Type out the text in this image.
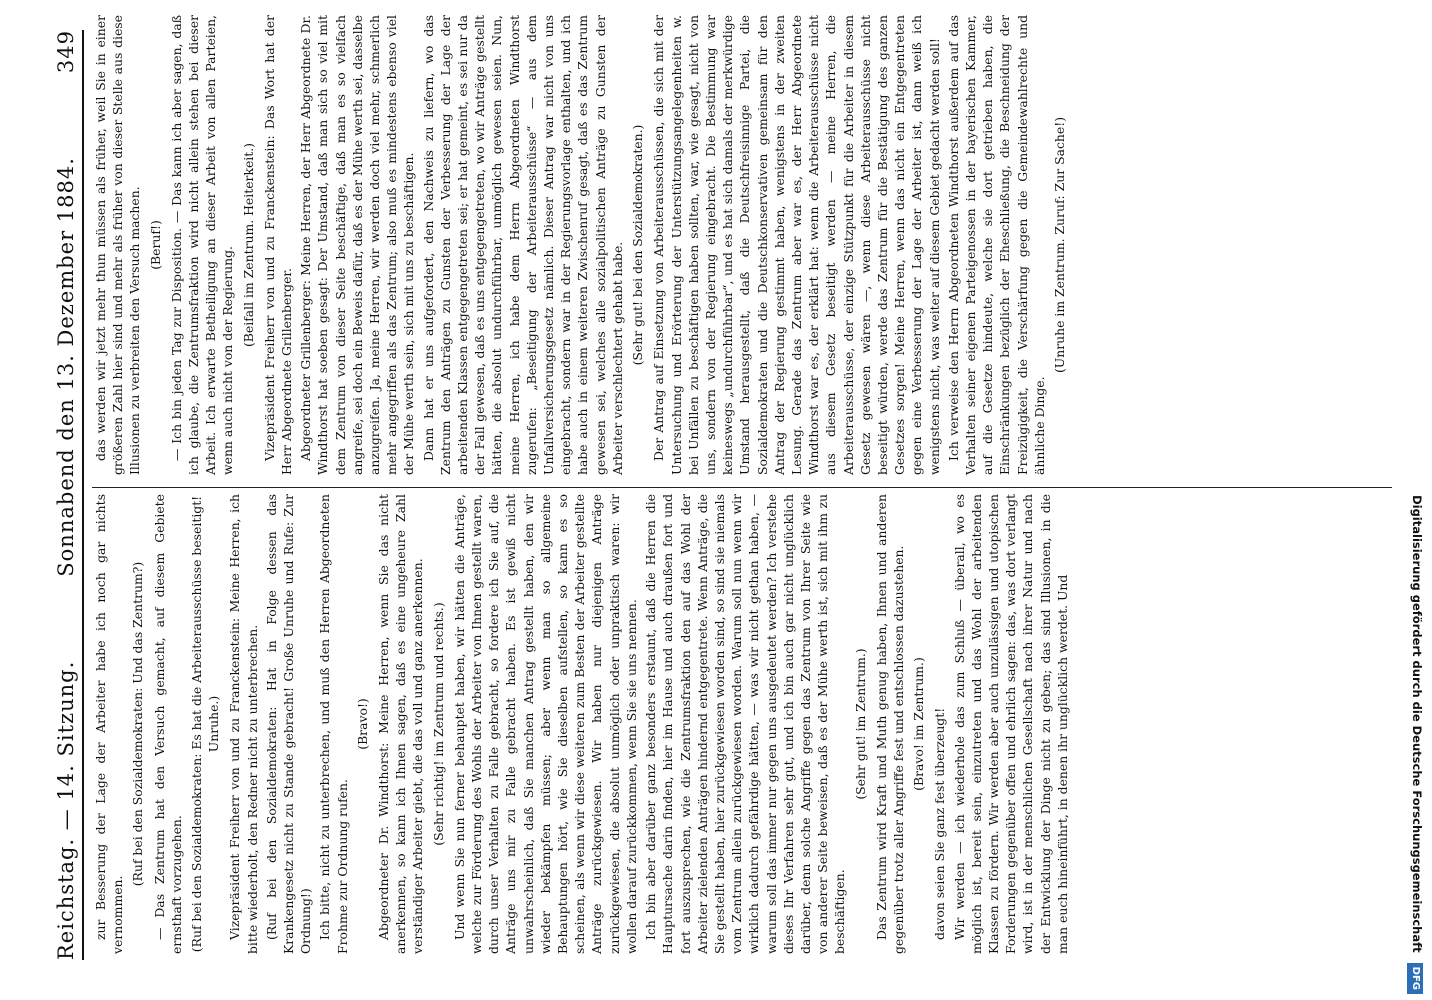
Reichstag. — 14. Sitzung.
Sonnabend den 13. Dezember 1884.
349

zur Besserung der Lage der Arbeiter habe ich noch gar nichts vernommen.

(Ruf bei den Sozialdemokraten: Und das Zentrum?) — Das Zentrum hat den Versuch gemacht, auf diesem Gebiete ernsthaft vorzugehen. (Ruf bei den Sozialdemokraten: Es hat die Arbeiterausschüsse beseitigt! Unruhe.) Vizepräsident Freiherr von und zu Franckenstein: Meine Herren, ich bitte wiederholt, den Redner nicht zu unterbrechen. (Ruf bei den Sozialdemokraten: Hat in Folge dessen das Krankengesetz nicht zu Stande gebracht! Große Unruhe und Rufe: Zur Ordnung!) Ich bitte, nicht zu unterbrechen, und muß den Herren Abgeordneten Frohme zur Ordnung rufen.

(Bravo!) Abgeordneter Dr. Windthorst: Meine Herren, wenn Sie das nicht anerkennen, so kann ich Ihnen sagen, daß es eine ungeheure Zahl verständiger Arbeiter giebt, die das voll und ganz anerkennen. (Sehr richtig! im Zentrum und rechts.) Und wenn Sie nun ferner behauptet haben, wir hätten die Anträge, welche zur Förderung des Wohls der Arbeiter von Ihnen gestellt waren, durch unser Verhalten zu Falle gebracht, so fordere ich Sie auf, die Anträge uns mir zu Falle gebracht haben. Es ist gewiß nicht unwahrscheinlich, daß Sie manchen Antrag gestellt haben, den wir wieder bekämpfen müssen; aber wenn man so allgemeine Behauptungen hört, wie Sie dieselben aufstellen, so kann es so scheinen, als wenn wir diese weiteren zum Besten der Arbeiter gestellte Anträge zurückgewiesen. Wir haben nur diejenigen Anträge zurückgewiesen, die absolut unmöglich oder unpraktisch waren: wir wollen darauf zurückkommen, wenn Sie sie uns nennen. Ich bin aber darüber ganz besonders erstaunt, daß die Herren die Hauptursache darin finden, hier im Hause und auch draußen fort und fort auszusprechen, wie die Zentrumsfraktion den auf das Wohl der Arbeiter zielenden Anträgen hindernd entgegentrete. Wenn Anträge, die Sie gestellt haben, hier zurückgewiesen worden sind, so sind sie niemals vom Zentrum allein zurückgewiesen worden. Warum soll nun wenn wir wirklich dadurch gefährdige hätten, — was wir nicht gethan haben, — warum soll das immer nur gegen uns ausgedeutet werden? Ich verstehe dieses Ihr Verfahren sehr gut, und ich bin auch gar nicht unglücklich darüber, denn solche Angriffe gegen das Zentrum von Ihrer Seite wie von anderer Seite beweisen, daß es der Mühe werth ist, sich mit ihm zu beschäftigen.

(Sehr gut! im Zentrum.) Das Zentrum wird Kraft und Muth genug haben, Ihnen und anderen gegenüber trotz aller Angriffe fest und entschlossen dazustehen. (Bravo! im Zentrum.) davon seien Sie ganz fest überzeugt! Wir werden — ich wiederhole das zum Schluß — überall, wo es möglich ist, bereit sein, einzutreten und das Wohl der arbeitenden Klassen zu fördern. Wir werden aber auch unzulässigen und utopischen Forderungen gegenüber offen und ehrlich sagen: das, was dort verlangt wird, ist in der menschlichen Gesellschaft nach ihrer Natur und nach der Entwicklung der Dinge nicht zu geben; das sind Illusionen, in die man euch hineinführt, in denen ihr unglücklich werdet. Und

das werden wir jetzt mehr thun müssen als früher, weil Sie in einer größeren Zahl hier sind und mehr als früher von dieser Stelle aus diese Illusionen zu verbreiten den Versuch machen. (Beruf!) — Ich bin jeden Tag zur Disposition. — Das kann ich aber sagen, daß ich glaube, die Zentrumsfraktion wird nicht allein stehen bei dieser Arbeit. Ich erwarte Betheiligung an dieser Arbeit von allen Parteien, wenn auch nicht von der Regierung.

(Beifall im Zentrum. Heiterkeit.) Vizepräsident Freiherr von und zu Franckenstein: Das Wort hat der Herr Abgeordnete Grillenberger. Abgeordneter Grillenberger: Meine Herren, der Herr Abgeordnete Dr. Windthorst hat soeben gesagt: Der Umstand, daß man sich so viel mit dem Zentrum von dieser Seite beschäftige, daß man es so vielfach angreife, sei doch ein Beweis dafür, daß es der Mühe werth sei, dasselbe anzugreifen. Ja, meine Herren, wir werden doch viel mehr, schmerlich mehr angegriffen als das Zentrum; also muß es mindestens ebenso viel der Mühe werth sein, sich mit uns zu beschäftigen. Dann hat er uns aufgefordert, den Nachweis zu liefern, wo das Zentrum den Anträgen zu Gunsten der Verbesserung der Lage der arbeitenden Klassen entgegengetreten sei; er hat gemeint, es sei nur da der Fall gewesen, daß es uns entgegengetreten, wo wir Anträge gestellt hätten, die absolut undurchführbar, unmöglich gewesen seien. Nun, meine Herren, ich habe dem Herrn Abgeordneten Windthorst zugerufen: „Beseitigung der Arbeiterausschüsse“ — aus dem Unfallversicherungsgesetz nämlich. Dieser Antrag war nicht von uns eingebracht, sondern war in der Regierungsvorlage enthalten, und ich habe auch in einem weiteren Zwischenruf gesagt, daß es das Zentrum gewesen sei, welches alle sozialpolitischen Anträge zu Gunsten der Arbeiter verschlechtert gehabt habe. (Sehr gut! bei den Sozialdemokraten.) Der Antrag auf Einsetzung von Arbeiterausschüssen, die sich mit der Untersuchung und Erörterung der Unterstützungsangelegenheiten w. bei Unfällen zu beschäftigen haben sollten, war, wie gesagt, nicht von uns, sondern von der Regierung eingebracht. Die Bestimmung war keineswegs „undurchführbar“, und es hat sich damals der merkwürdige Umstand herausgestellt, daß die Deutschfreisinnige Partei, die Sozialdemokraten und die Deutschkonservativen gemeinsam für den Antrag der Regierung gestimmt haben, wenigstens in der zweiten Lesung. Gerade das Zentrum aber war es, der Herr Abgeordnete Windthorst war es, der erklärt hat: wenn die Arbeiterausschüsse nicht aus diesem Gesetz beseitigt werden — meine Herren, die Arbeiterausschüsse, der einzige Stützpunkt für die Arbeiter in diesem Gesetz gewesen wären —, wenn diese Arbeiterausschüsse nicht beseitigt würden, werde das Zentrum für die Bestätigung des ganzen Gesetzes sorgen! Meine Herren, wenn das nicht ein Entgegentreten gegen eine Verbesserung der Lage der Arbeiter ist, dann weiß ich wenigstens nicht, was weiter auf diesem Gebiet gedacht werden soll! Ich verweise den Herrn Abgeordneten Windthorst außerdem auf das Verhalten seiner eigenen Parteigenossen in der bayerischen Kammer, auf die Gesetze hindeute, welche sie dort getrieben haben, die Einschränkungen bezüglich der Eheschließung, die Beschneidung der Freizügigkeit, die Verschärfung gegen die Gemeindewahlrechte und ähnliche Dinge.

(Unruhe im Zentrum. Zuruf: Zur Sache!)

Digitalisierung gefördert durch die Deutsche Forschungsgemeinschaft DFG
